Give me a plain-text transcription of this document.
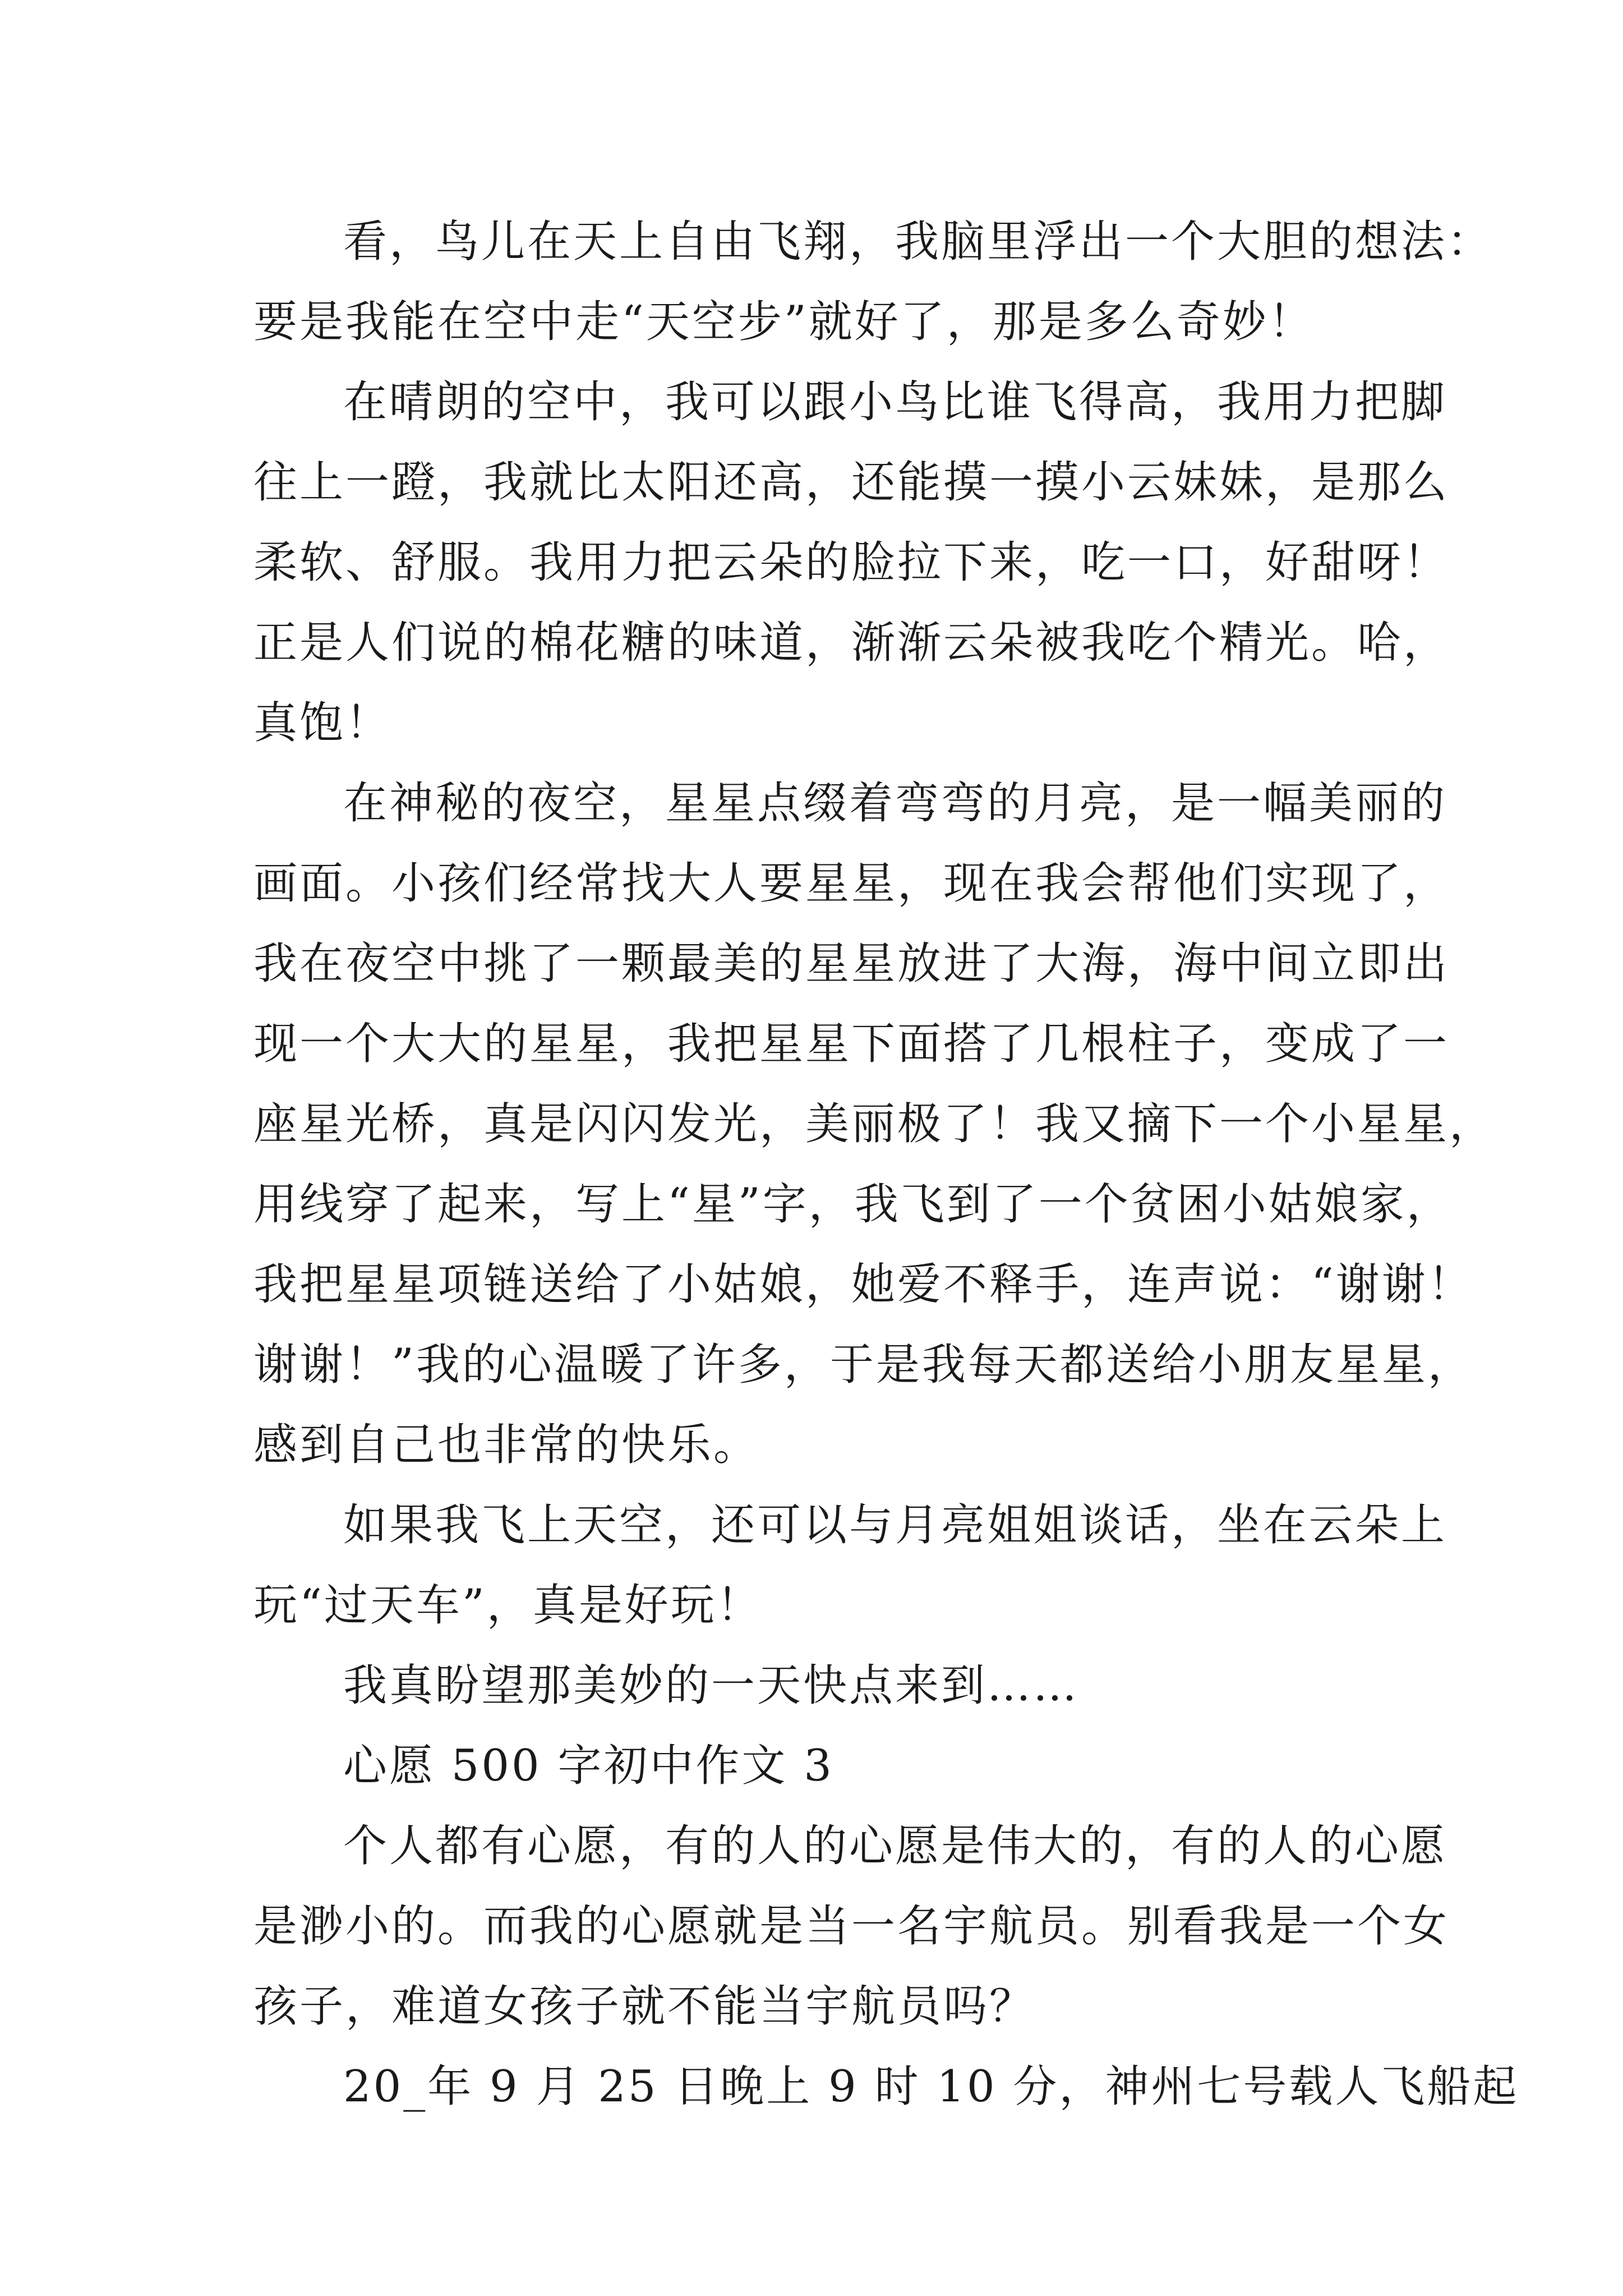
看，鸟儿在天上自由飞翔，我脑里浮出一个大胆的想法：
要是我能在空中走“天空步”就好了，那是多么奇妙！
在晴朗的空中，我可以跟小鸟比谁飞得高，我用力把脚
往上一蹬，我就比太阳还高，还能摸一摸小云妹妹，是那么
柔软、舒服。我用力把云朵的脸拉下来，吃一口，好甜呀！
正是人们说的棉花糖的味道，渐渐云朵被我吃个精光。哈，
真饱！
在神秘的夜空，星星点缀着弯弯的月亮，是一幅美丽的
画面。小孩们经常找大人要星星，现在我会帮他们实现了，
我在夜空中挑了一颗最美的星星放进了大海，海中间立即出
现一个大大的星星，我把星星下面搭了几根柱子，变成了一
座星光桥，真是闪闪发光，美丽极了！我又摘下一个小星星，
用线穿了起来，写上“星”字，我飞到了一个贫困小姑娘家，
我把星星项链送给了小姑娘，她爱不释手，连声说：“谢谢！
谢谢！”我的心温暖了许多，于是我每天都送给小朋友星星，
感到自己也非常的快乐。
如果我飞上天空，还可以与月亮姐姐谈话，坐在云朵上
玩“过天车”，真是好玩！
我真盼望那美妙的一天快点来到……
心愿 500 字初中作文 3
个人都有心愿，有的人的心愿是伟大的，有的人的心愿
是渺小的。而我的心愿就是当一名宇航员。别看我是一个女
孩子，难道女孩子就不能当宇航员吗？
20_年 9 月 25 日晚上 9 时 10 分，神州七号载人飞船起
